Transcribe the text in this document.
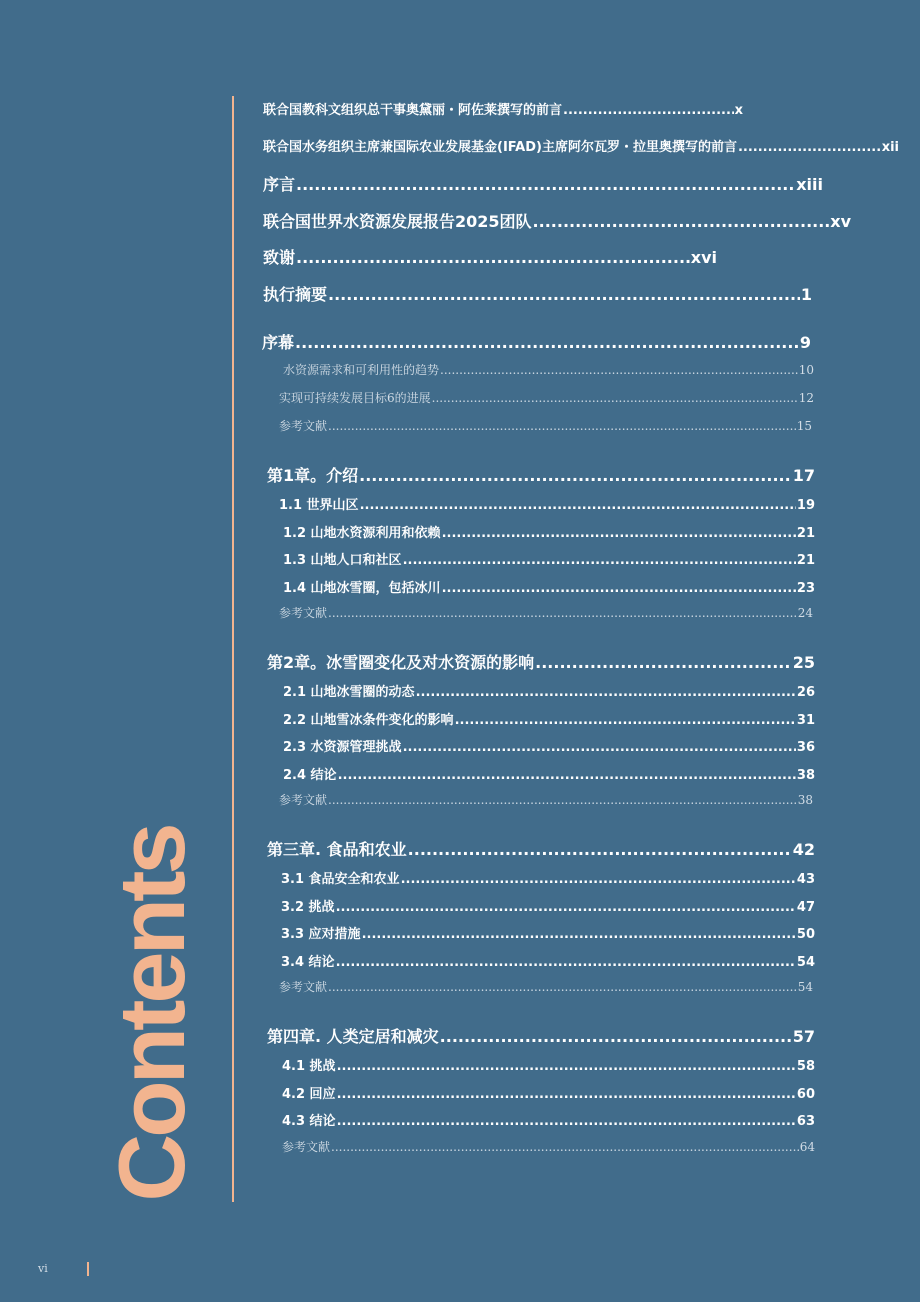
Contents
联合国教科文组织总干事奥黛丽・阿佐莱撰写的前言 .....	x
联合国水务组织主席兼国际农业发展基金(IFAD)主席阿尔瓦罗・拉里奥撰写的前言 .....	xii
序言 .....	xiii
联合国世界水资源发展报告2025团队 .....	xv
致谢 .....	xvi
执行摘要 .....	1
序幕 .....	9
水资源需求和可利用性的趋势 .....	10
实现可持续发展目标6的进展 .....	12
参考文献 .....	15
第1章。介绍 .....	17
1.1 世界山区 .....	19
1.2 山地水资源利用和依赖 .....	21
1.3 山地人口和社区 .....	21
1.4 山地冰雪圈，包括冰川 .....	23
参考文献 .....	24
第2章。冰雪圈变化及对水资源的影响 .....	25
2.1 山地冰雪圈的动态 .....	26
2.2 山地雪冰条件变化的影响 .....	31
2.3 水资源管理挑战 .....	36
2.4 结论 .....	38
参考文献 .....	38
第三章. 食品和农业 .....	42
3.1 食品安全和农业 .....	43
3.2 挑战 .....	47
3.3 应对措施 .....	50
3.4 结论 .....	54
参考文献 .....	54
第四章. 人类定居和减灾 .....	57
4.1 挑战 .....	58
4.2 回应 .....	60
4.3 结论 .....	63
参考文献 .....	64
vi
